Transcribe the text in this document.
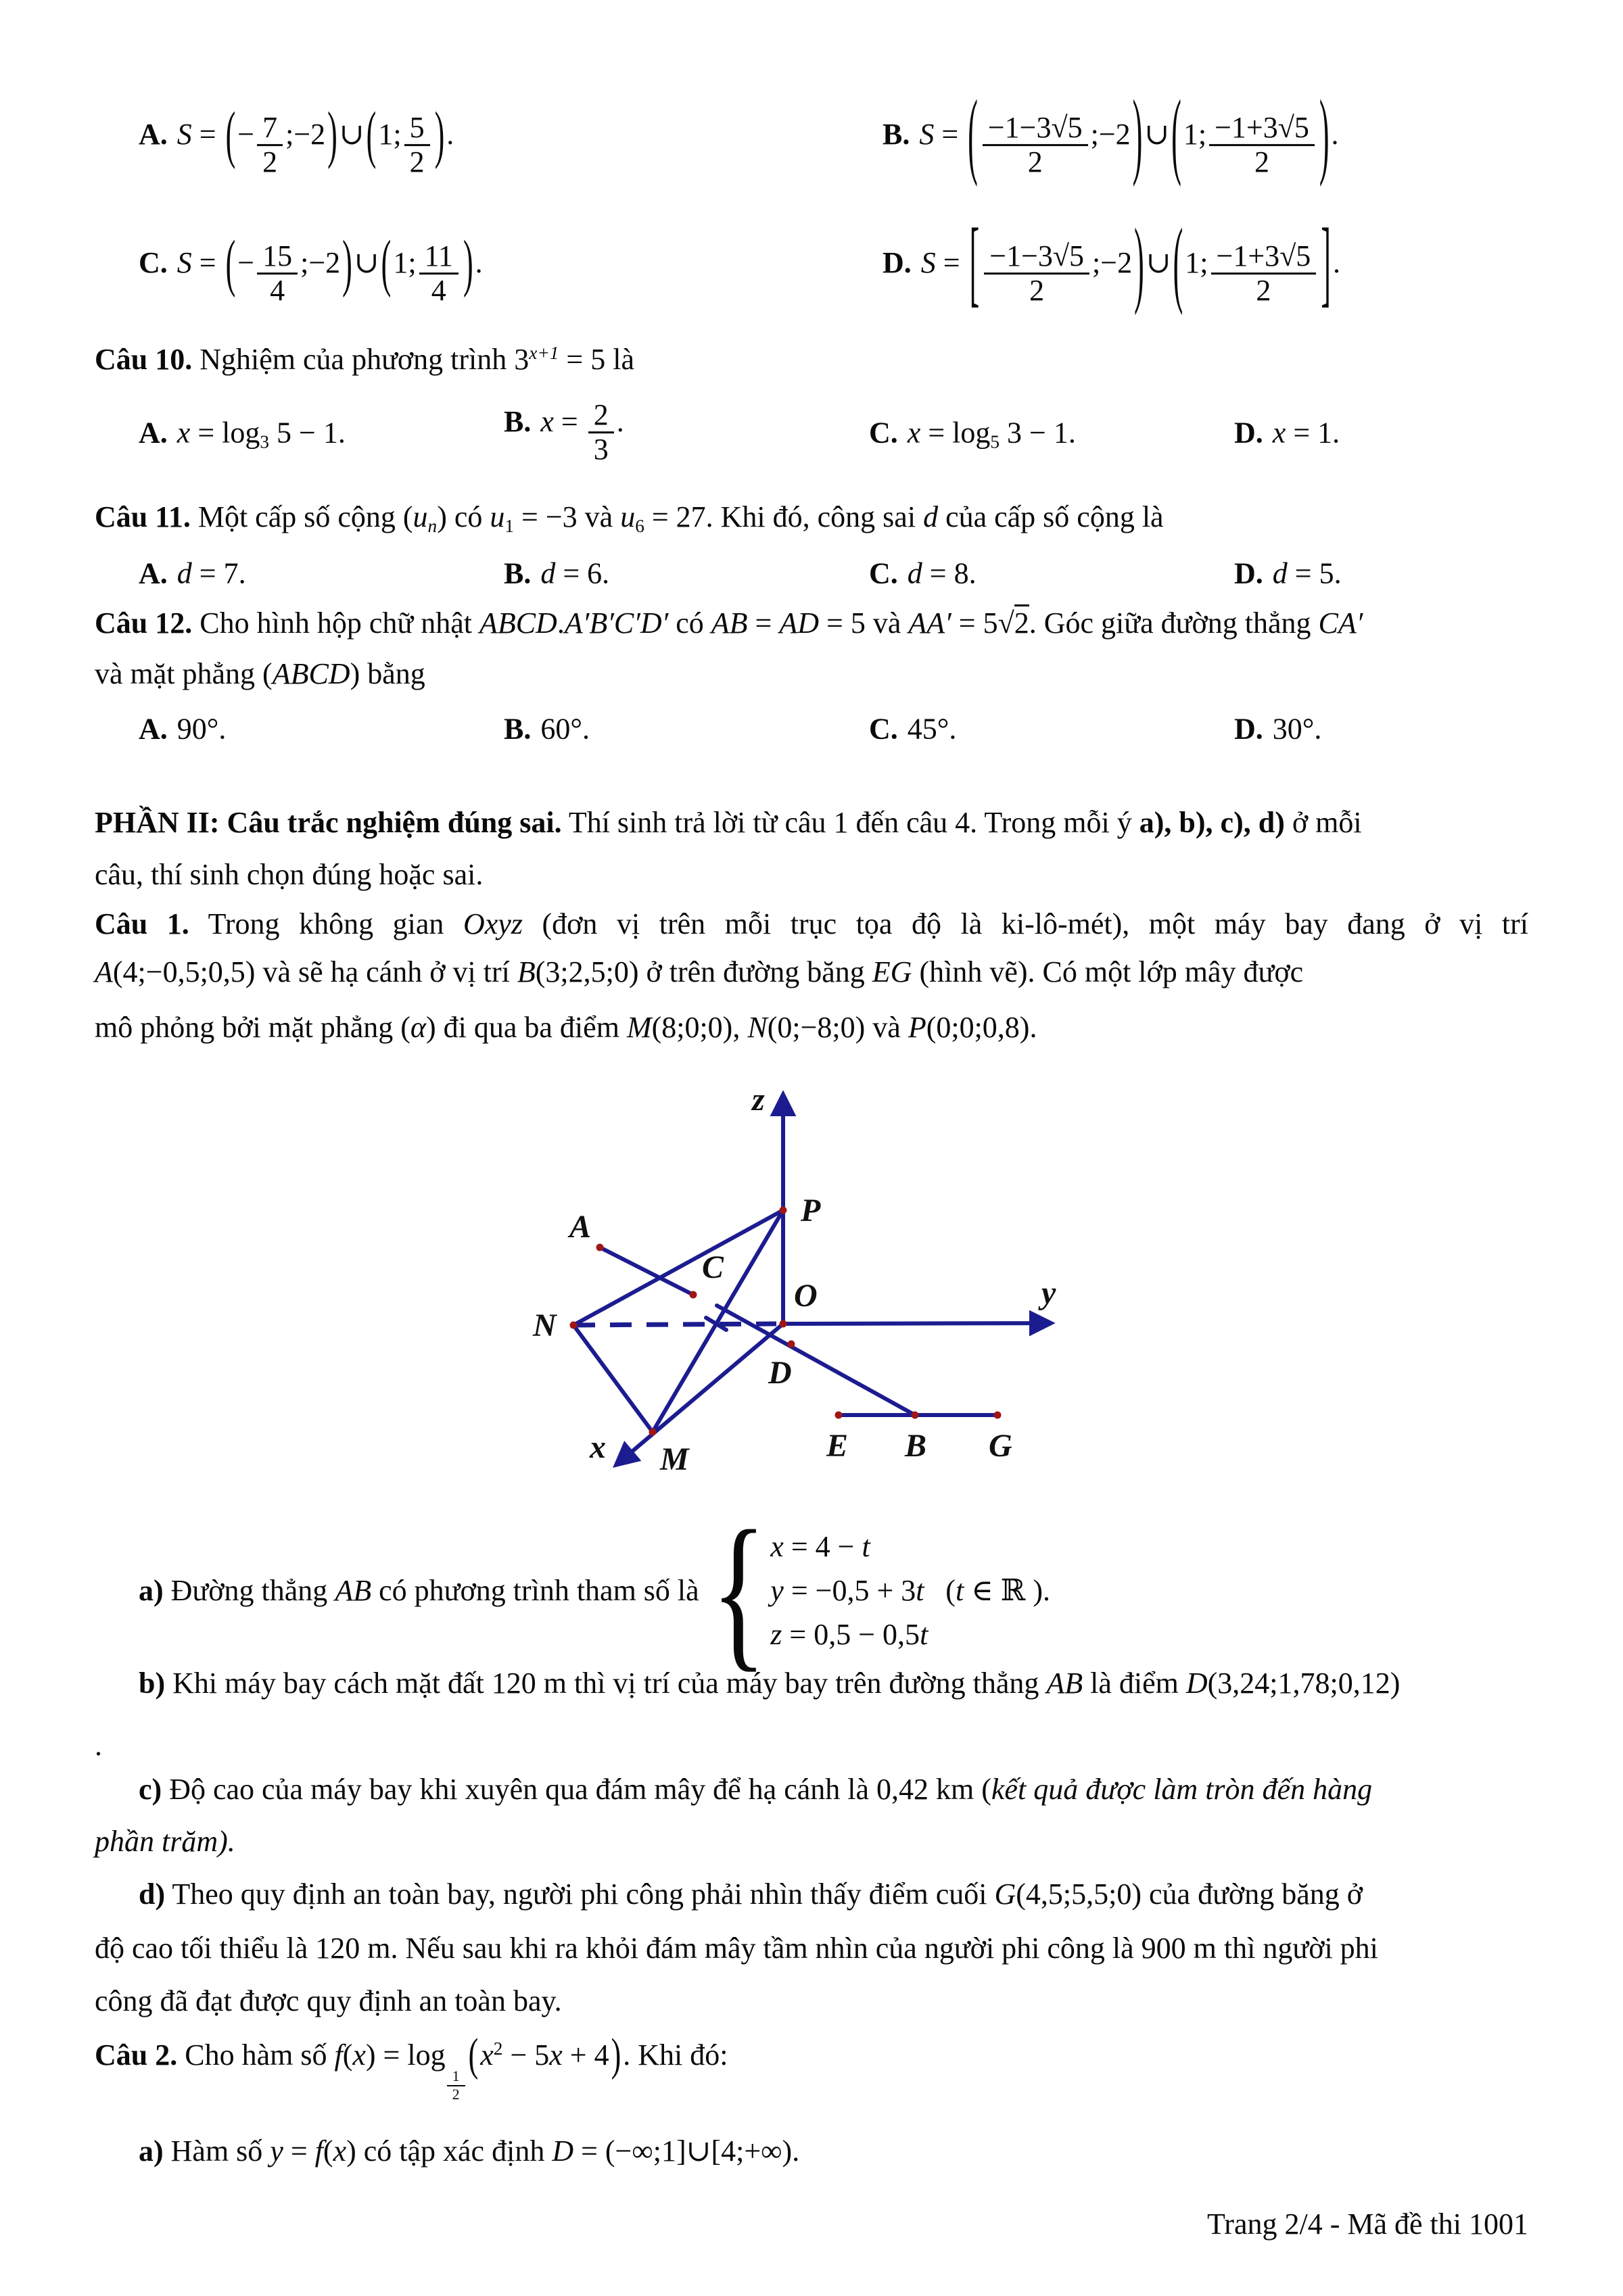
A. S = (− $\frac{7}{2}$ ;−2)∪(1; $\frac{5}{2}$ ).	B. S = ( $\frac{-1-3√5}{2}$ ;−2)∪(1; $\frac{-1+3√5}{2}$ ).
C. S = (− $\frac{15}{4}$ ;−2)∪(1; $\frac{11}{4}$ ).	D. S = [ $\frac{-1-3√5}{2}$ ;−2)∪(1; $\frac{-1+3√5}{2}$ ].
Câu 10. Nghiệm của phương trình $3^{x+1} = 5$ là
A. $x = \log_3 5 - 1$.	B. $x = \frac{2}{3}$ .	C. $x = \log_5 3 - 1$.	D. x = 1.
Câu 11. Một cấp số cộng $(u_n)$ có $u_1 = -3$ và $u_6 = 27$. Khi đó, công sai d của cấp số cộng là
A. d = 7.	B. d = 6.	C. d = 8.	D. d = 5.
Câu 12. Cho hình hộp chữ nhật ABCD.A′B′C′D′ có AB = AD = 5 và AA′ = 5√2. Góc giữa đường thẳng CA′
và mặt phẳng (ABCD) bằng
A. 90°.	B. 60°.	C. 45°.	D. 30°.
PHẦN II: Câu trắc nghiệm đúng sai. Thí sinh trả lời từ câu 1 đến câu 4. Trong mỗi ý a), b), c), d) ở mỗi
câu, thí sinh chọn đúng hoặc sai.
Câu 1. Trong không gian Oxyz (đơn vị trên mỗi trục tọa độ là ki-lô-mét), một máy bay đang ở vị trí
A(4;−0,5;0,5) và sẽ hạ cánh ở vị trí B(3;2,5;0) ở trên đường băng EG (hình vẽ). Có một lớp mây được
mô phỏng bởi mặt phẳng (α) đi qua ba điểm M(8;0;0), N(0;−8;0) và P(0;0;0,8).
z
y
x
O
P
A
C
N
M
D
E B G
a) Đường thẳng AB có phương trình tham số là { x = 4 − t
y = −0,5 + 3t
z = 0,5 − 0,5t
(t ∈ ℝ ).
b) Khi máy bay cách mặt đất 120 m thì vị trí của máy bay trên đường thẳng AB là điểm D(3,24;1,78;0,12)
.
c) Độ cao của máy bay khi xuyên qua đám mây để hạ cánh là 0,42 km (kết quả được làm tròn đến hàng
phần trăm).
d) Theo quy định an toàn bay, người phi công phải nhìn thấy điểm cuối G(4,5;5,5;0) của đường băng ở
độ cao tối thiểu là 120 m. Nếu sau khi ra khỏi đám mây tầm nhìn của người phi công là 900 m thì người phi
công đã đạt được quy định an toàn bay.
Câu 2. Cho hàm số f(x) = log
$\frac{1}{2}$
$(x^2 - 5x + 4)$. Khi đó:
a) Hàm số y = f(x) có tập xác định D = (−∞;1]∪[4;+∞).
Trang 2/4 - Mã đề thi 1001
